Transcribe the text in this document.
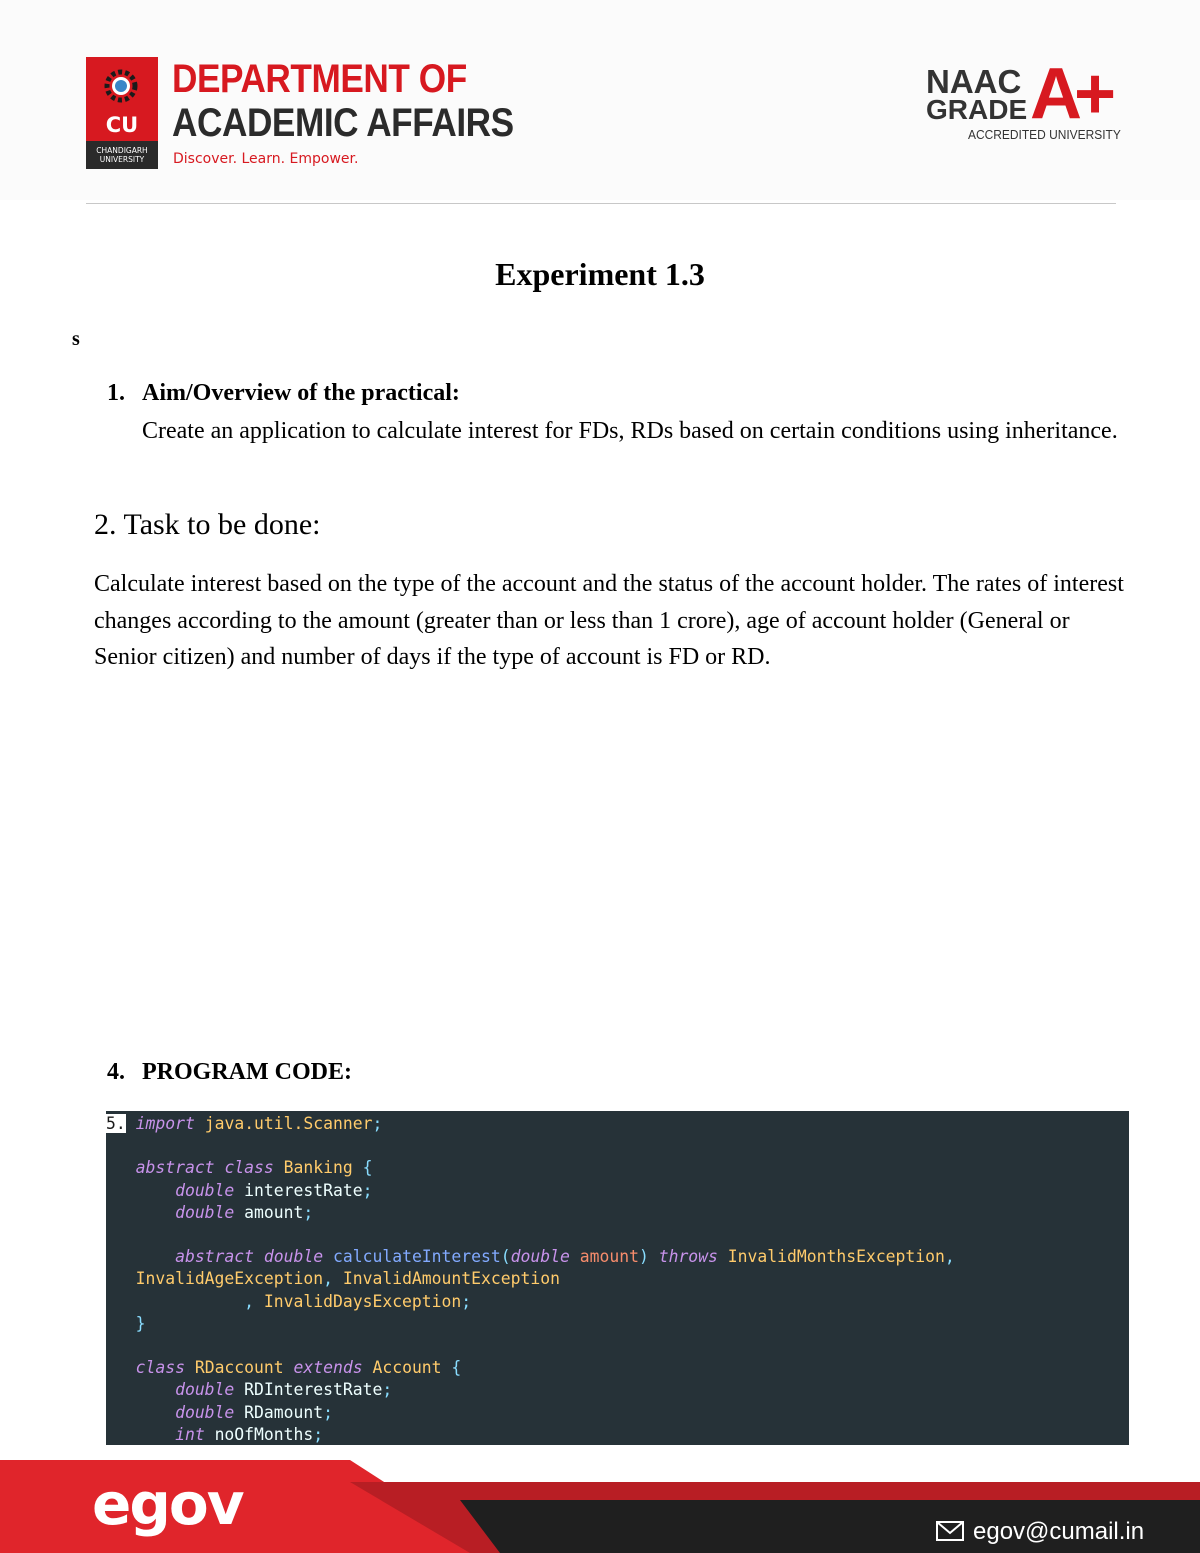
CU
CHANDIGARH
UNIVERSITY
DEPARTMENT OF
ACADEMIC AFFAIRS
Discover. Learn. Empower.
NAAC
GRADE A+
ACCREDITED UNIVERSITY
Experiment 1.3
s
1. Aim/Overview of the practical:

Create an application to calculate interest for FDs, RDs based on certain conditions using inheritance.

2. Task to be done:

Calculate interest based on the type of the account and the status of the account holder. The rates of interest changes according to the amount (greater than or less than 1 crore), age of account holder (General or Senior citizen) and number of days if the type of account is FD or RD.

4. PROGRAM CODE:
5. import java.util.Scanner;

abstract class Banking {
double interestRate;
double amount;

abstract double calculateInterest(double amount) throws InvalidMonthsException,
InvalidAgeException, InvalidAmountException
, InvalidDaysException;
}

class RDaccount extends Account {
double RDInterestRate;
double RDamount;
int noOfMonths;
egov	egov@cumail.in
